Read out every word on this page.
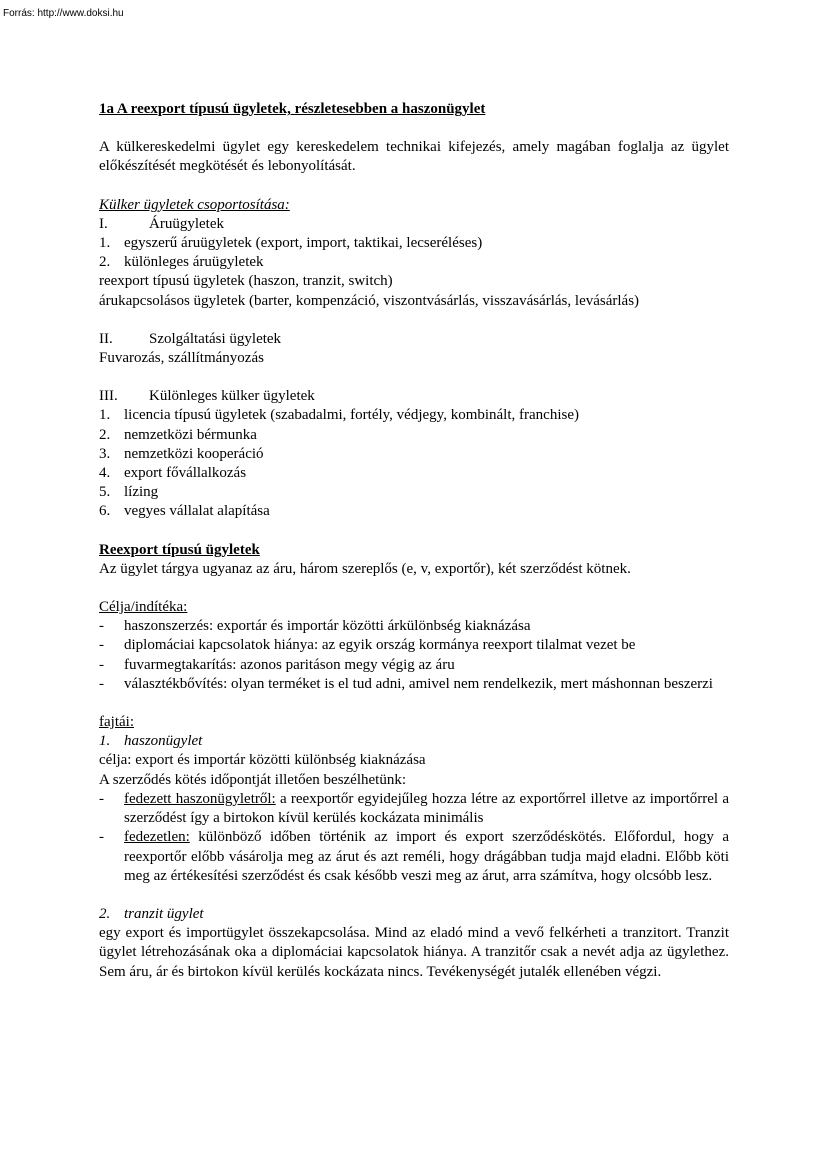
Forrás: http://www.doksi.hu

1a A reexport típusú ügyletek, részletesebben a haszonügylet

A külkereskedelmi ügylet egy kereskedelem technikai kifejezés, amely magában foglalja az ügylet előkészítését megkötését és lebonyolítását.

Külker ügyletek csoportosítása:

I.	Áruügyletek
1. egyszerű áruügyletek (export, import, taktikai, lecseréléses)
2. különleges áruügyletek

reexport típusú ügyletek (haszon, tranzit, switch)

árukapcsolásos ügyletek (barter, kompenzáció, viszontvásárlás, visszavásárlás, levásárlás)

II.	Szolgáltatási ügyletek

Fuvarozás, szállítmányozás

III.	Különleges külker ügyletek
1. licencia típusú ügyletek (szabadalmi, fortély, védjegy, kombinált, franchise)
2. nemzetközi bérmunka
3. nemzetközi kooperáció
4. export fővállalkozás
5. lízing
6. vegyes vállalat alapítása

Reexport típusú ügyletek

Az ügylet tárgya ugyanaz az áru, három szereplős (e, v, exportőr), két szerződést kötnek.

Célja/indítéka:

-	haszonszerzés: exportár és importár közötti árkülönbség kiaknázása
-	diplomáciai kapcsolatok hiánya: az egyik ország kormánya reexport tilalmat vezet be
-	fuvarmegtakarítás: azonos paritáson megy végig az áru
-	választékbővítés: olyan terméket is el tud adni, amivel nem rendelkezik, mert máshonnan beszerzi

fajtái:

1. haszonügylet

célja: export és importár közötti különbség kiaknázása

A szerződés kötés időpontját illetően beszélhetünk:

-	fedezett haszonügyletről: a reexportőr egyidejűleg hozza létre az exportőrrel illetve az importőrrel a szerződést így a birtokon kívül kerülés kockázata minimális
-	fedezetlen: különböző időben történik az import és export szerződéskötés. Előfordul, hogy a reexportőr előbb vásárolja meg az árut és azt reméli, hogy drágábban tudja majd eladni. Előbb köti meg az értékesítési szerződést és csak később veszi meg az árut, arra számítva, hogy olcsóbb lesz.
2. tranzit ügylet

egy export és importügylet összekapcsolása. Mind az eladó mind a vevő felkérheti a tranzitort. Tranzit ügylet létrehozásának oka a diplomáciai kapcsolatok hiánya. A tranzitőr csak a nevét adja az ügylethez. Sem áru, ár és birtokon kívül kerülés kockázata nincs. Tevékenységét jutalék ellenében végzi.
